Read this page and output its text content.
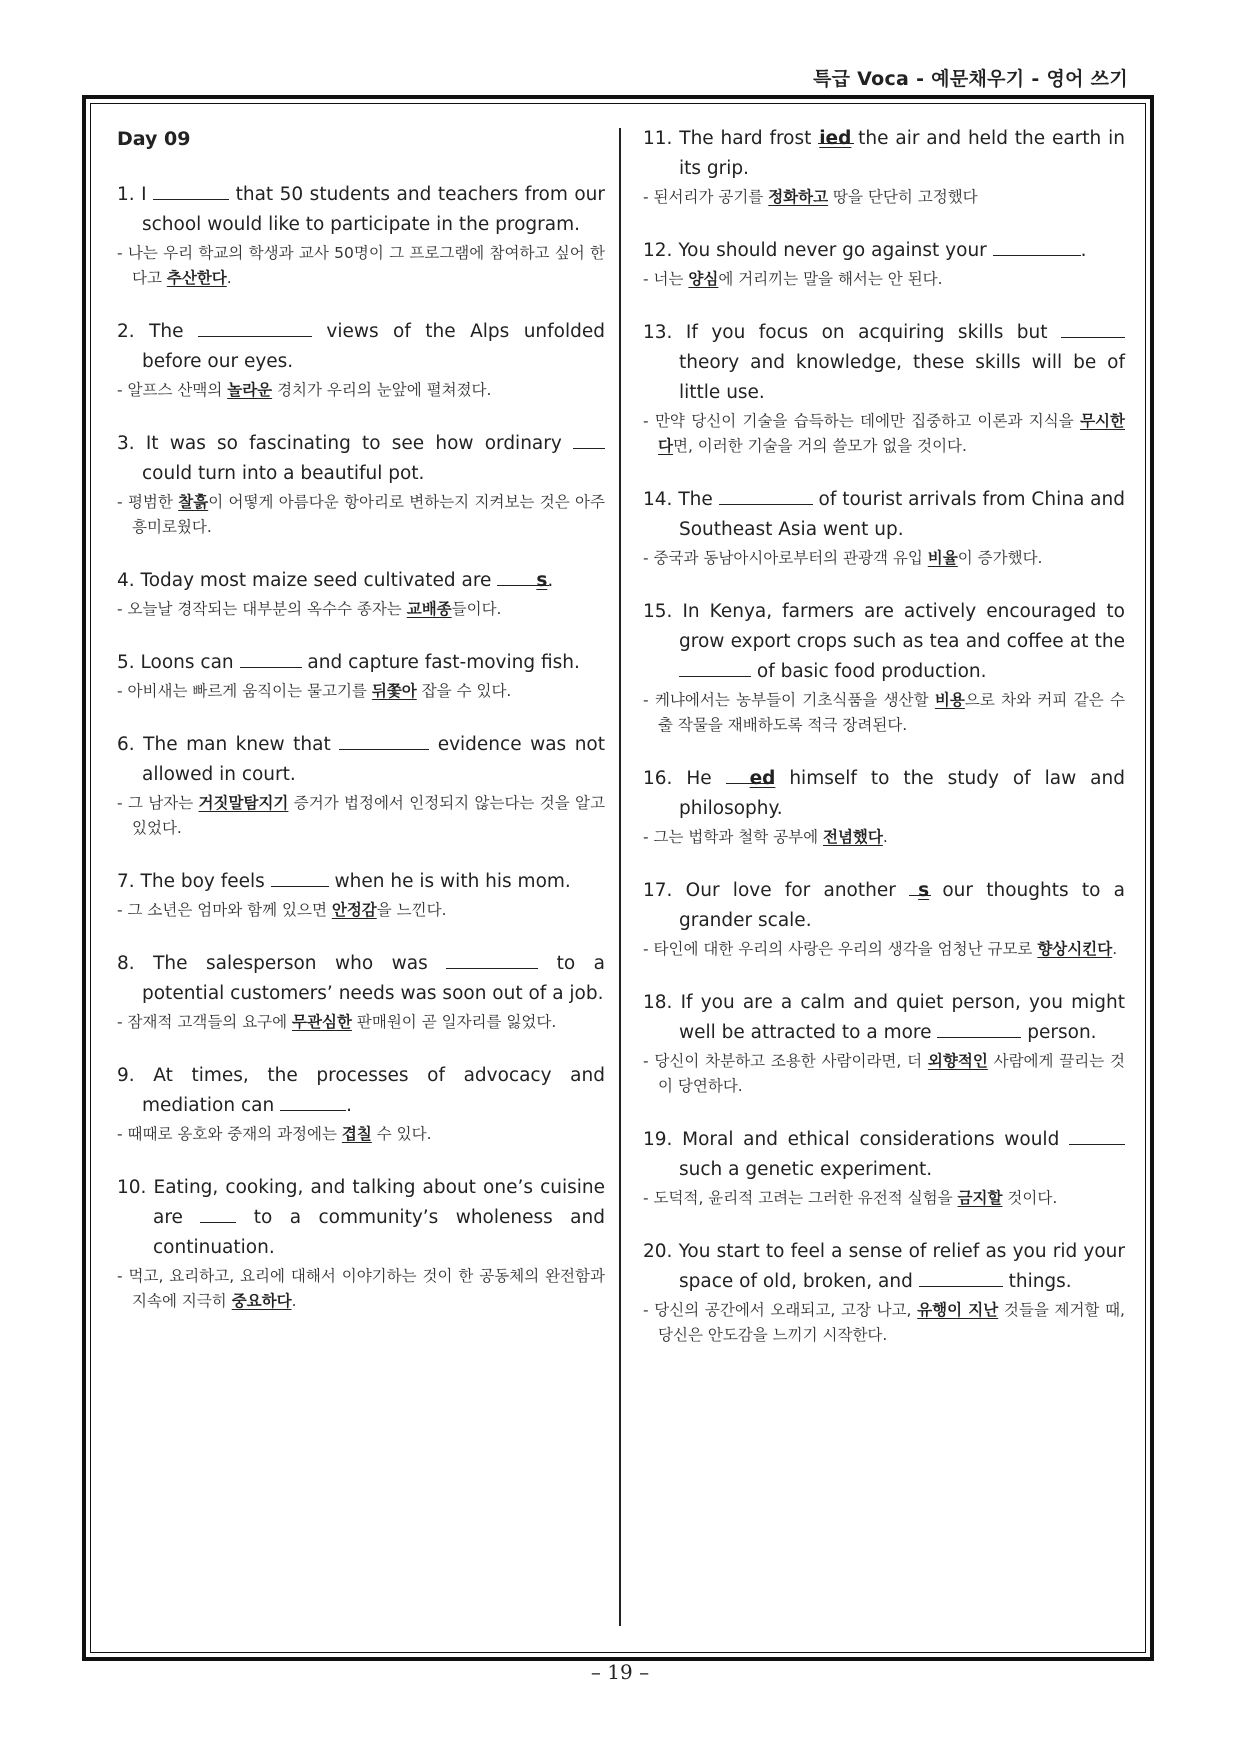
특급 Voca - 예문채우기 - 영어 쓰기
Day 09
1. I	that 50 students and teachers from our school would like to participate in the program.
- 나는 우리 학교의 학생과 교사 50명이 그 프로그램에 참여하고 싶어 한다고 추산한다.
2. The	views of the Alps unfolded before our eyes.
- 알프스 산맥의 놀라운 경치가 우리의 눈앞에 펼쳐졌다.
3. It was so fascinating to see how ordinary  could turn into a beautiful pot.
- 평범한 찰흙이 어떻게 아름다운 항아리로 변하는지 지켜보는 것은 아주 흥미로웠다.
4. Today most maize seed cultivated are s.
- 오늘날 경작되는 대부분의 옥수수 종자는 교배종들이다.
5. Loons can	and capture fast-moving fish.
- 아비새는 빠르게 움직이는 물고기를 뒤쫓아 잡을 수 있다.
6. The man knew that	evidence was not allowed in court.
- 그 남자는 거짓말탐지기 증거가 법정에서 인정되지 않는다는 것을 알고 있었다.
7. The boy feels	when he is with his mom.
- 그 소년은 엄마와 함께 있으면 안정감을 느낀다.
8. The salesperson who was	to a potential customers’ needs was soon out of a job.
- 잠재적 고객들의 요구에 무관심한 판매원이 곧 일자리를 잃었다.
9. At times, the processes of advocacy and mediation can	.
- 때때로 옹호와 중재의 과정에는 겹칠 수 있다.
10. Eating, cooking, and talking about one’s cuisine are  to a community’s wholeness and continuation.
- 먹고, 요리하고, 요리에 대해서 이야기하는 것이 한 공동체의 완전함과 지속에 지극히 중요하다.
11. The hard frost ied the air and held the earth in its grip.
- 된서리가 공기를 정화하고 땅을 단단히 고정했다
12. You should never go against your	.
- 너는 양심에 거리끼는 말을 해서는 안 된다.
13. If you focus on acquiring skills but  theory and knowledge, these skills will be of little use.
- 만약 당신이 기술을 습득하는 데에만 집중하고 이론과 지식을 무시한다면, 이러한 기술을 거의 쓸모가 없을 것이다.
14. The	of tourist arrivals from China and Southeast Asia went up.
- 중국과 동남아시아로부터의 관광객 유입 비율이 증가했다.
15. In Kenya, farmers are actively encouraged to grow export crops such as tea and coffee at the  of basic food production.
- 케냐에서는 농부들이 기초식품을 생산할 비용으로 차와 커피 같은 수출 작물을 재배하도록 적극 장려된다.
16. He ed himself to the study of law and philosophy.
- 그는 법학과 철학 공부에 전념했다.
17. Our love for another s our thoughts to a grander scale.
- 타인에 대한 우리의 사랑은 우리의 생각을 엄청난 규모로 향상시킨다.
18. If you are a calm and quiet person, you might well be attracted to a more	person.
- 당신이 차분하고 조용한 사람이라면, 더 외향적인 사람에게 끌리는 것이 당연하다.
19. Moral and ethical considerations would  such a genetic experiment.
- 도덕적, 윤리적 고려는 그러한 유전적 실험을 금지할 것이다.
20. You start to feel a sense of relief as you rid your space of old, broken, and	things.
- 당신의 공간에서 오래되고, 고장 나고, 유행이 지난 것들을 제거할 때, 당신은 안도감을 느끼기 시작한다.
– 19 –
